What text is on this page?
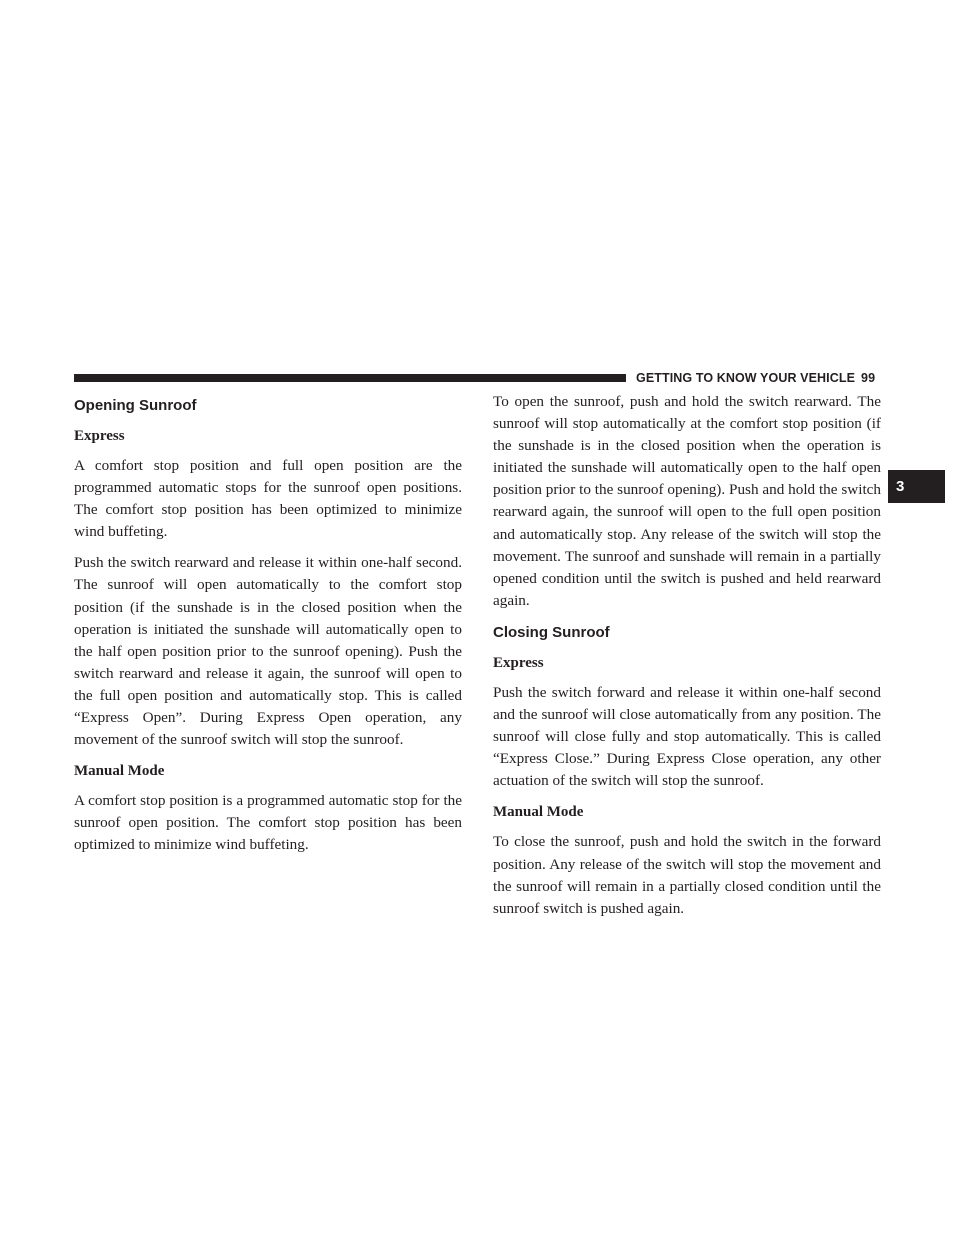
GETTING TO KNOW YOUR VEHICLE 99
3
Opening Sunroof
Express

A comfort stop position and full open position are the programmed automatic stops for the sunroof open positions. The comfort stop position has been optimized to minimize wind buffeting.

Push the switch rearward and release it within one-half second. The sunroof will open automatically to the comfort stop position (if the sunshade is in the closed position when the operation is initiated the sunshade will automatically open to the half open position prior to the sunroof opening). Push the switch rearward and release it again, the sunroof will open to the full open position and automatically stop. This is called “Express Open”. During Express Open operation, any movement of the sunroof switch will stop the sunroof.

Manual Mode

A comfort stop position is a programmed automatic stop for the sunroof open position. The comfort stop position has been optimized to minimize wind buffeting.

To open the sunroof, push and hold the switch rearward. The sunroof will stop automatically at the comfort stop position (if the sunshade is in the closed position when the operation is initiated the sunshade will automatically open to the half open position prior to the sunroof opening). Push and hold the switch rearward again, the sunroof will open to the full open position and automatically stop. Any release of the switch will stop the movement. The sunroof and sunshade will remain in a partially opened condition until the switch is pushed and held rearward again.

Closing Sunroof
Express

Push the switch forward and release it within one-half second and the sunroof will close automatically from any position. The sunroof will close fully and stop automatically. This is called “Express Close.” During Express Close operation, any other actuation of the switch will stop the sunroof.

Manual Mode

To close the sunroof, push and hold the switch in the forward position. Any release of the switch will stop the movement and the sunroof will remain in a partially closed condition until the sunroof switch is pushed again.
